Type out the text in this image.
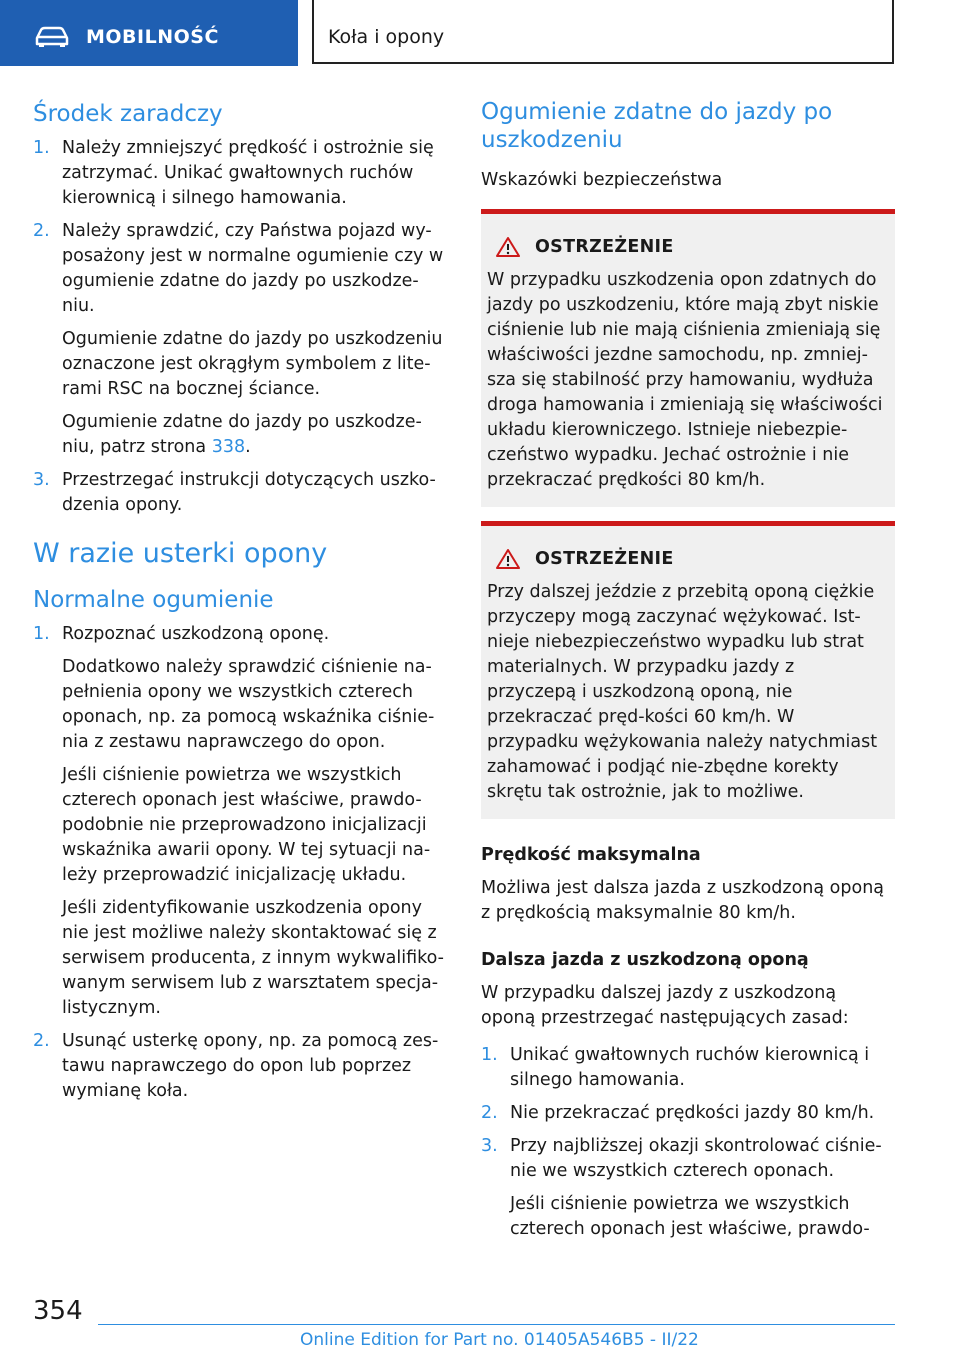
MOBILNOŚĆ	Koła i opony
Środek zaradczy
1. Należy zmniejszyć prędkość i ostrożnie się zatrzymać. Unikać gwałtownych ruchów kierownicą i silnego hamowania.

2. Należy sprawdzić, czy Państwa pojazd wy-posażony jest w normalne ogumienie czy w ogumienie zdatne do jazdy po uszkodze-niu.

Ogumienie zdatne do jazdy po uszkodzeniu oznaczone jest okrągłym symbolem z lite-rami RSC na bocznej ściance.

Ogumienie zdatne do jazdy po uszkodze-niu, patrz strona 338.

3. Przestrzegać instrukcji dotyczących uszko-dzenia opony.

W razie usterki opony
Normalne ogumienie
1. Rozpoznać uszkodzoną oponę.

Dodatkowo należy sprawdzić ciśnienie na-pełnienia opony we wszystkich czterech oponach, np. za pomocą wskaźnika ciśnie-nia z zestawu naprawczego do opon.

Jeśli ciśnienie powietrza we wszystkich czterech oponach jest właściwe, prawdo-podobnie nie przeprowadzono inicjalizacji wskaźnika awarii opony. W tej sytuacji na-leży przeprowadzić inicjalizację układu.

Jeśli zidentyfikowanie uszkodzenia opony nie jest możliwe należy skontaktować się z serwisem producenta, z innym wykwalifiko-wanym serwisem lub z warsztatem specja-listycznym.

2. Usunąć usterkę opony, np. za pomocą zes-tawu naprawczego do opon lub poprzez wymianę koła.

Ogumienie zdatne do jazdy po uszkodzeniu

Wskazówki bezpieczeństwa

OSTRZEŻENIE

W przypadku uszkodzenia opon zdatnych do jazdy po uszkodzeniu, które mają zbyt niskie ciśnienie lub nie mają ciśnienia zmieniają się właściwości jezdne samochodu, np. zmniej-sza się stabilność przy hamowaniu, wydłuża droga hamowania i zmieniają się właściwości układu kierowniczego. Istnieje niebezpie-czeństwo wypadku. Jechać ostrożnie i nie przekraczać prędkości 80 km/h.

OSTRZEŻENIE

Przy dalszej jeździe z przebitą oponą ciężkie przyczepy mogą zaczynać wężykować. Ist-nieje niebezpieczeństwo wypadku lub strat materialnych. W przypadku jazdy z przyczepą i uszkodzoną oponą, nie przekraczać pręd-kości 60 km/h. W przypadku wężykowania należy natychmiast zahamować i podjąć nie-zbędne korekty skrętu tak ostrożnie, jak to możliwe.

Prędkość maksymalna

Możliwa jest dalsza jazda z uszkodzoną oponą z prędkością maksymalnie 80 km/h.

Dalsza jazda z uszkodzoną oponą

W przypadku dalszej jazdy z uszkodzoną oponą przestrzegać następujących zasad:

1. Unikać gwałtownych ruchów kierownicą i silnego hamowania.

2. Nie przekraczać prędkości jazdy 80 km/h.

3. Przy najbliższej okazji skontrolować ciśnie-nie we wszystkich czterech oponach.

Jeśli ciśnienie powietrza we wszystkich czterech oponach jest właściwe, prawdo-

354
Online Edition for Part no. 01405A546B5 - II/22
